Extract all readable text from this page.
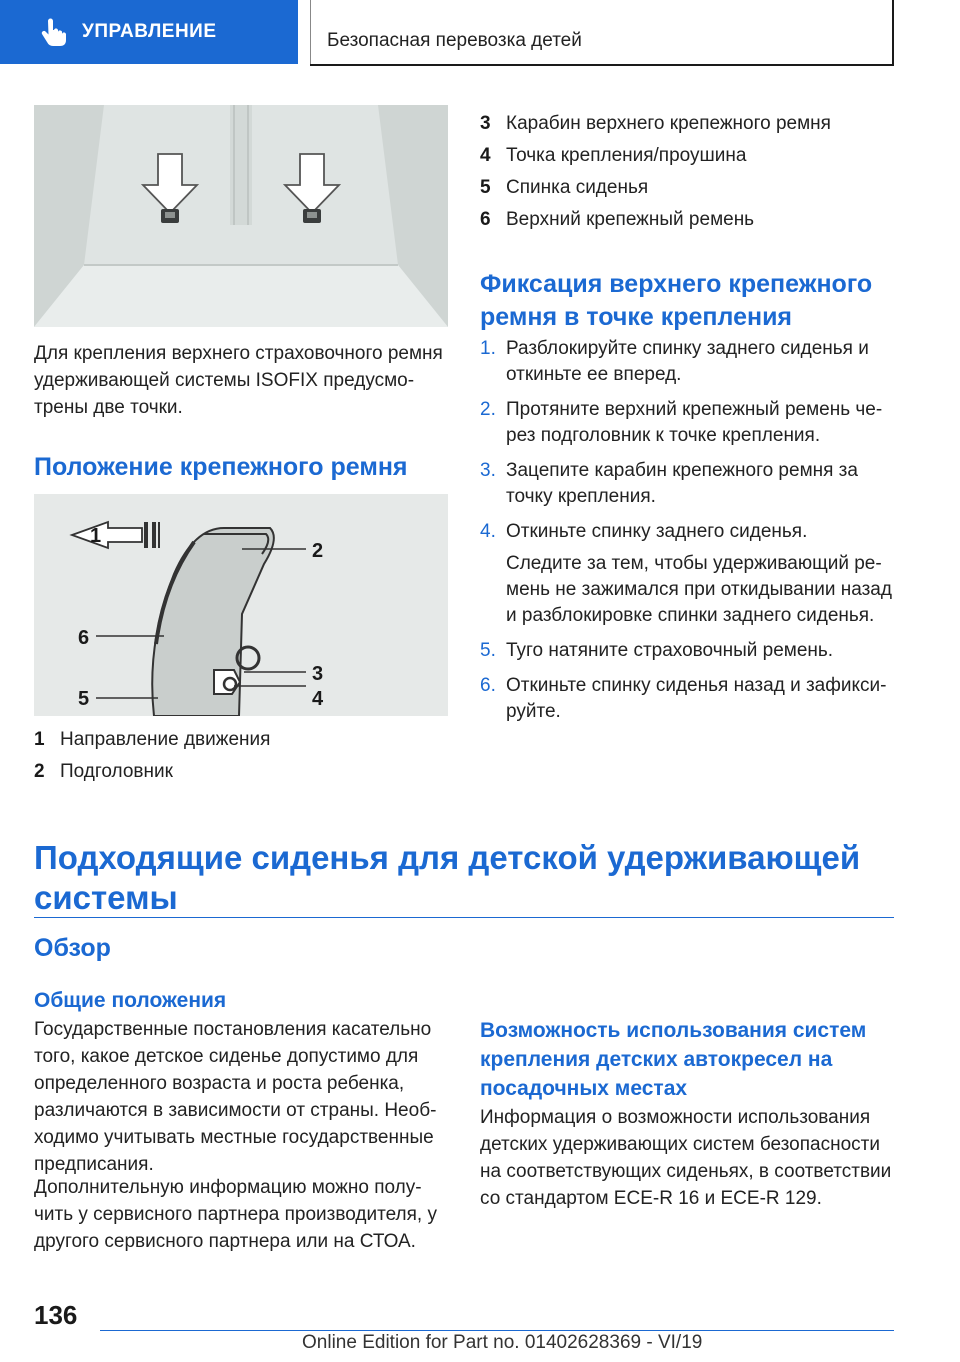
УПРАВЛЕНИЕ	Безопасная перевозка детей

Для крепления верхнего страховочного ремня удерживающей системы ISOFIX предусмотрены две точки.

Положение крепежного ремня
1
2
3
4
5
6
1 Направление движения
2 Подголовник
3 Карабин верхнего крепежного ремня
4 Точка крепления/проушина
5 Спинка сиденья
6 Верхний крепежный ремень
Фиксация верхнего крепежного ремня в точке крепления
1. Разблокируйте спинку заднего сиденья и откиньте ее вперед.
2. Протяните верхний крепежный ремень через подголовник к точке крепления.
3. Зацепите карабин крепежного ремня за точку крепления.
4. Откиньте спинку заднего сиденья.

Следите за тем, чтобы удерживающий ремень не зажимался при откидывании назад и разблокировке спинки заднего сиденья.

5. Туго натяните страховочный ремень.
6. Откиньте спинку сиденья назад и зафиксируйте.
Подходящие сиденья для детской удерживающей системы
Обзор
Общие положения

Государственные постановления касательно того, какое детское сиденье допустимо для определенного возраста и роста ребенка, различаются в зависимости от страны. Необходимо учитывать местные государственные предписания.

Дополнительную информацию можно получить у сервисного партнера производителя, у другого сервисного партнера или на СТОА.

Возможность использования систем крепления детских автокресел на посадочных местах

Информация о возможности использования детских удерживающих систем безопасности на соответствующих сиденьях, в соответствии со стандартом ECE-R 16 и ECE-R 129.

136
Online Edition for Part no. 01402628369 - VI/19
